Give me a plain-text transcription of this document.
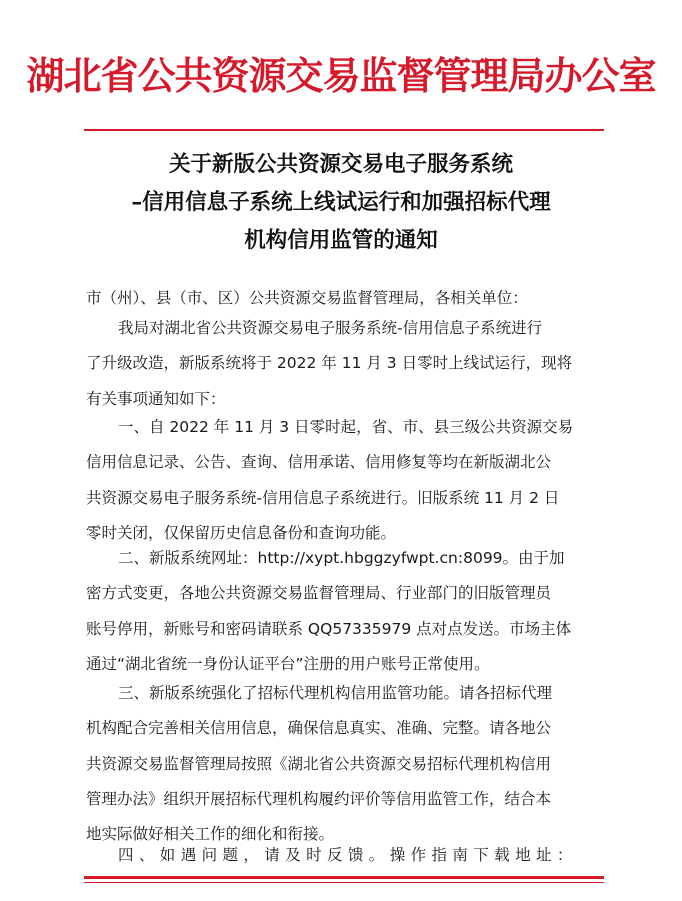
湖北省公共资源交易监督管理局办公室
关于新版公共资源交易电子服务系统
–信用信息子系统上线试运行和加强招标代理
机构信用监管的通知
市（州）、县（市、区）公共资源交易监督管理局，各相关单位：
我局对湖北省公共资源交易电子服务系统-信用信息子系统进行
了升级改造，新版系统将于 2022 年 11 月 3 日零时上线试运行，现将
有关事项通知如下：
一、自 2022 年 11 月 3 日零时起，省、市、县三级公共资源交易
信用信息记录、公告、查询、信用承诺、信用修复等均在新版湖北公
共资源交易电子服务系统-信用信息子系统进行。旧版系统 11 月 2 日
零时关闭，仅保留历史信息备份和查询功能。
二、新版系统网址：http://xypt.hbggzyfwpt.cn:8099。由于加
密方式变更，各地公共资源交易监督管理局、行业部门的旧版管理员
账号停用，新账号和密码请联系 QQ57335979 点对点发送。市场主体
通过“湖北省统一身份认证平台”注册的用户账号正常使用。
三、新版系统强化了招标代理机构信用监管功能。请各招标代理
机构配合完善相关信用信息，确保信息真实、准确、完整。请各地公
共资源交易监督管理局按照《湖北省公共资源交易招标代理机构信用
管理办法》组织开展招标代理机构履约评价等信用监管工作，结合本
地实际做好相关工作的细化和衔接。
四、如遇问题，请及时反馈。操作指南下载地址：
